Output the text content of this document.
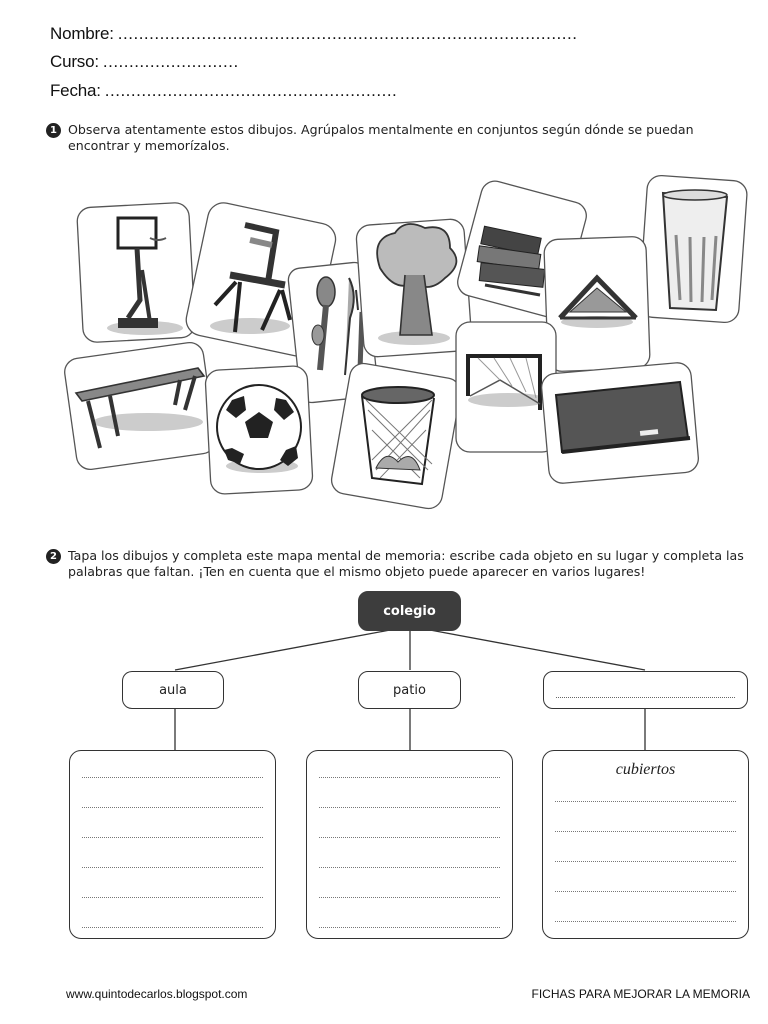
Nombre: ........................................................................................
Curso: ..........................
Fecha: ........................................................
1 Observa atentamente estos dibujos. Agrúpalos mentalmente en conjuntos según dónde se puedan encontrar y memorízalos.
2 Tapa los dibujos y completa este mapa mental de memoria: escribe cada objeto en su lugar y completa las palabras que faltan. ¡Ten en cuenta que el mismo objeto puede aparecer en varios lugares!
colegio
aula	patio
cubiertos
www.quintodecarlos.blogspot.com	FICHAS PARA MEJORAR LA MEMORIA
